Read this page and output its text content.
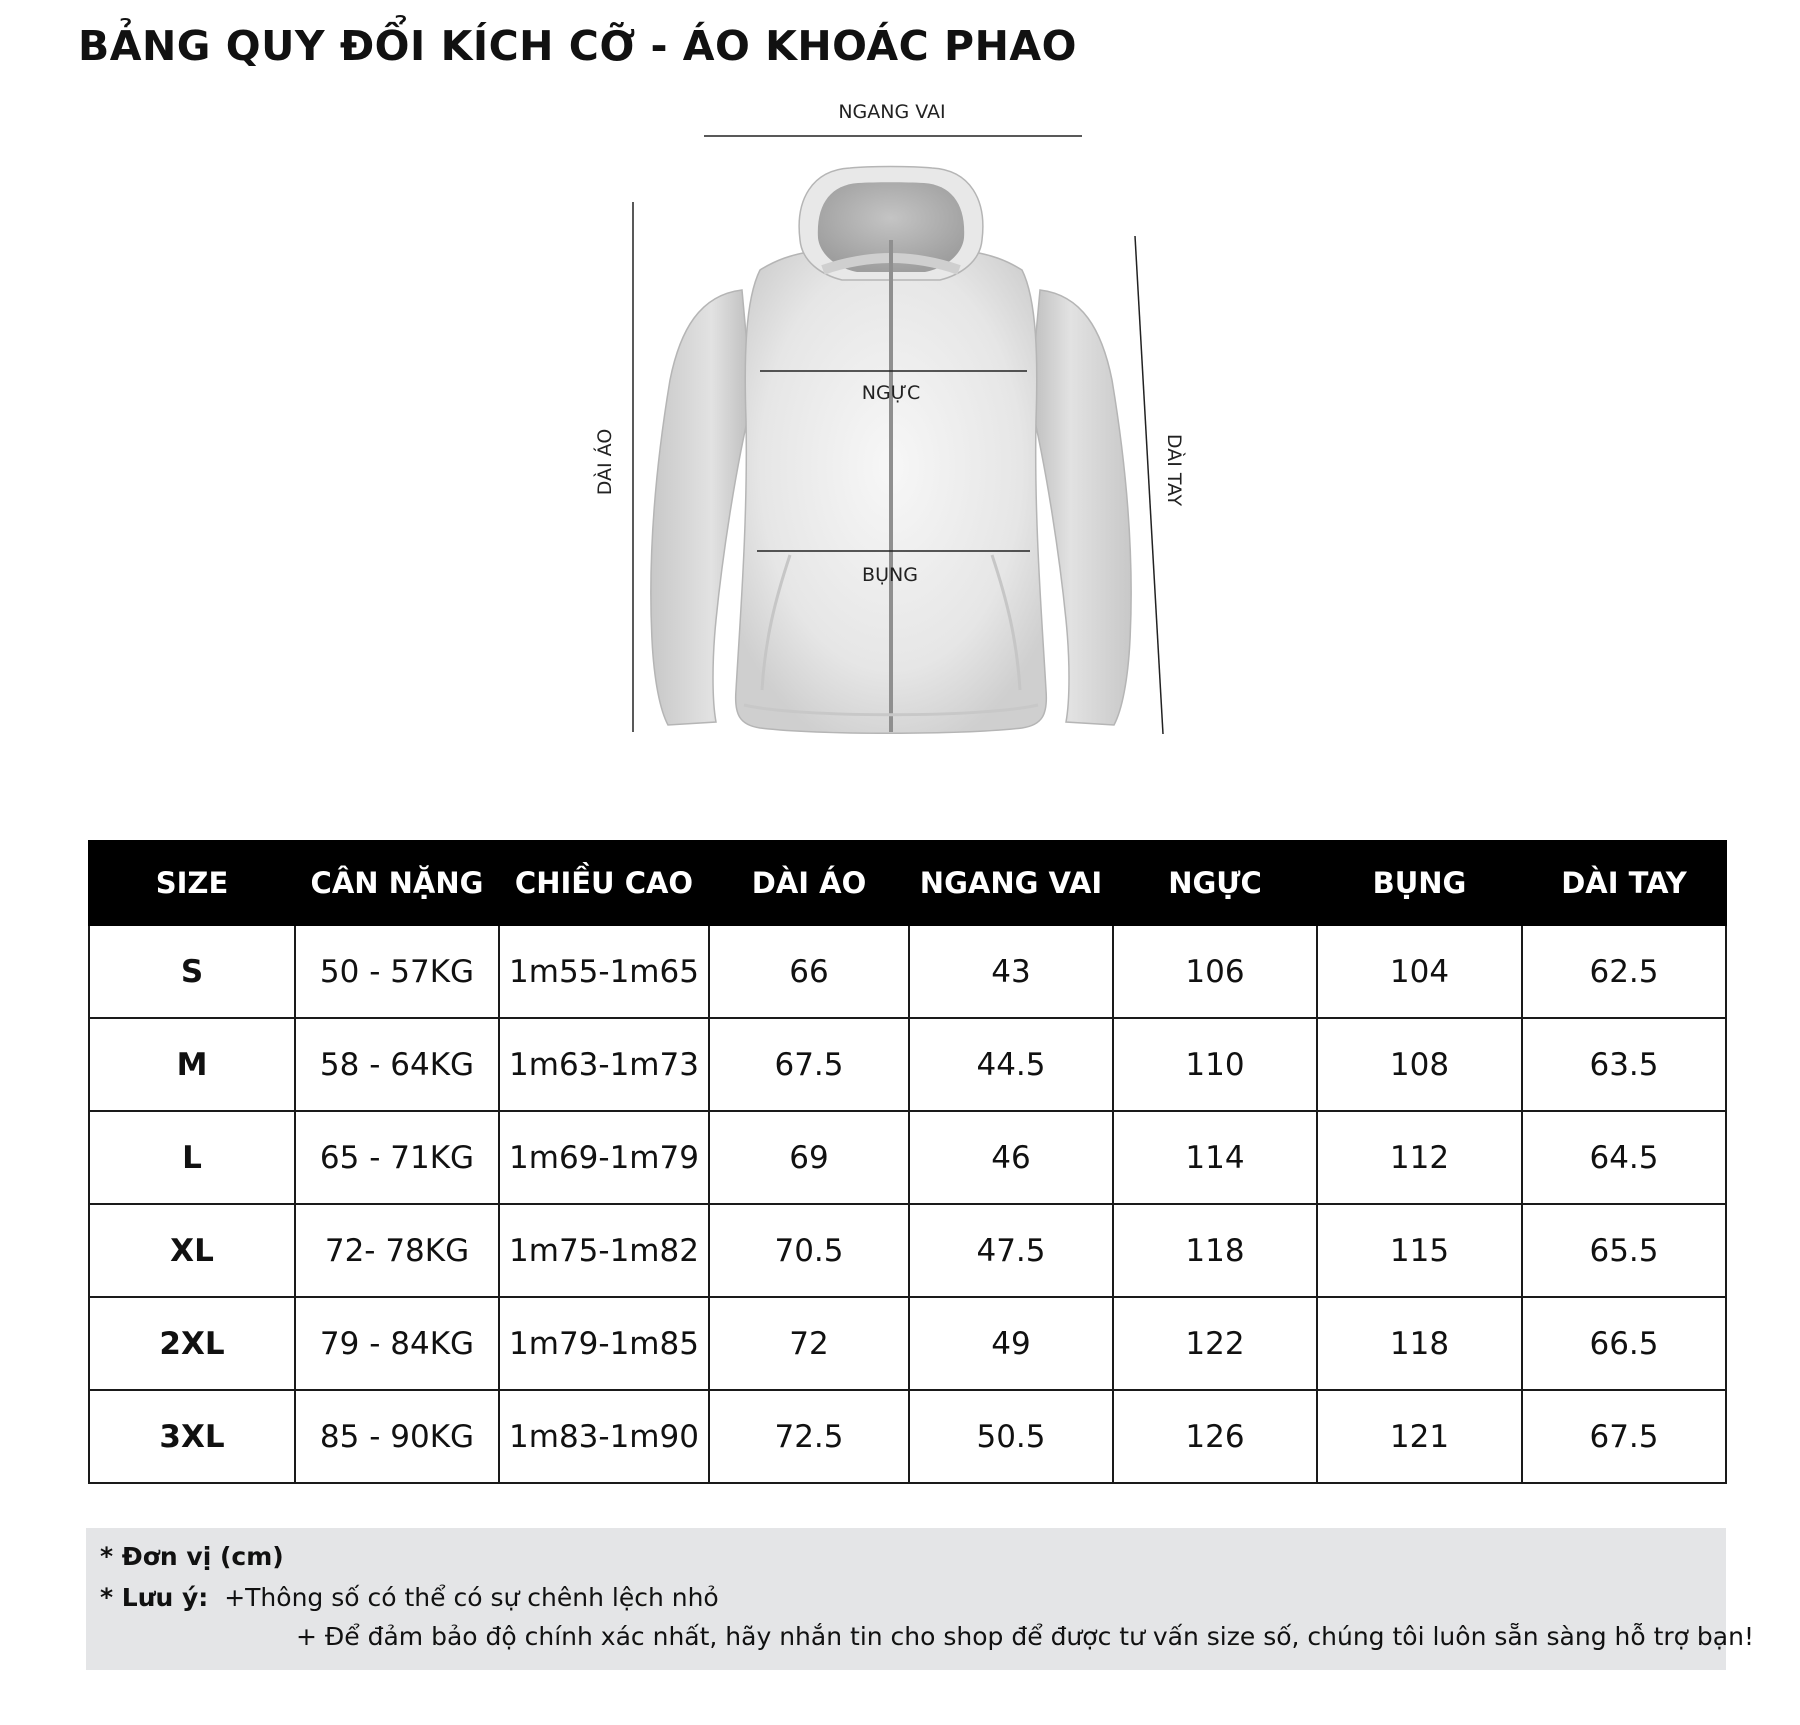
BẢNG QUY ĐỔI KÍCH CỠ - ÁO KHOÁC PHAO
NGANG VAI
NGỰC
BỤNG
DÀI ÁO	DÀI TAY
SIZE	CÂN NẶNG	CHIỀU CAO	DÀI ÁO	NGANG VAI	NGỰC	BỤNG	DÀI TAY
S	50 - 57KG	1m55-1m65	66	43	106	104	62.5
M	58 - 64KG	1m63-1m73	67.5	44.5	110	108	63.5
L	65 - 71KG	1m69-1m79	69	46	114	112	64.5
XL	72- 78KG	1m75-1m82	70.5	47.5	118	115	65.5
2XL	79 - 84KG	1m79-1m85	72	49	122	118	66.5
3XL	85 - 90KG	1m83-1m90	72.5	50.5	126	121	67.5
* Đơn vị (cm)
* Lưu ý: +Thông số có thể có sự chênh lệch nhỏ
+ Để đảm bảo độ chính xác nhất, hãy nhắn tin cho shop để được tư vấn size số, chúng tôi luôn sẵn sàng hỗ trợ bạn!
